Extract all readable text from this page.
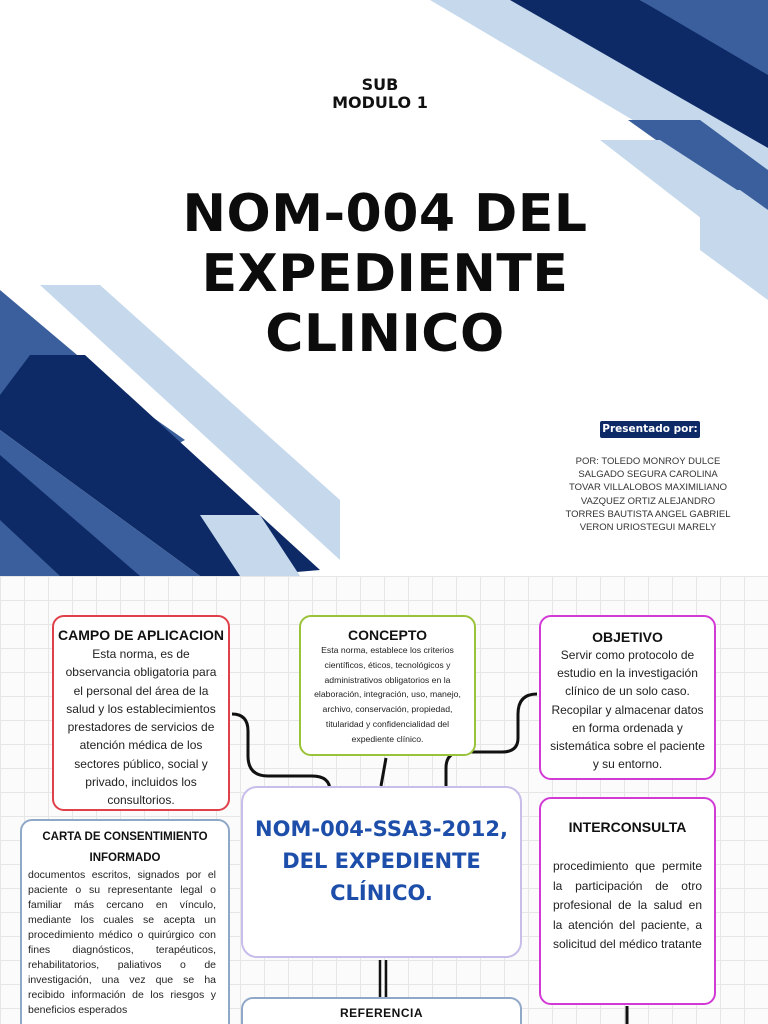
SUB
MODULO 1
NOM-004 DEL
EXPEDIENTE
CLINICO
Presentado por:
POR: TOLEDO MONROY DULCE
SALGADO SEGURA CAROLINA
TOVAR VILLALOBOS MAXIMILIANO
VAZQUEZ ORTIZ ALEJANDRO
TORRES BAUTISTA ANGEL GABRIEL
VERON URIOSTEGUI MARELY
CAMPO DE APLICACION
Esta norma, es de observancia obligatoria para el personal del área de la salud y los establecimientos prestadores de servicios de atención médica de los sectores público, social y privado, incluidos los consultorios.
CONCEPTO
Esta norma, establece los criterios científicos, éticos, tecnológicos y administrativos obligatorios en la elaboración, integración, uso, manejo, archivo, conservación, propiedad, titularidad y confidencialidad del expediente clínico.
OBJETIVO
Servir como protocolo de estudio en la investigación clínico de un solo caso. Recopilar y almacenar datos en forma ordenada y sistemática sobre el paciente y su entorno.
CARTA DE CONSENTIMIENTO INFORMADO
documentos escritos, signados por el paciente o su representante legal o familiar más cercano en vínculo, mediante los cuales se acepta un procedimiento médico o quirúrgico con fines diagnósticos, terapéuticos, rehabilitatorios, paliativos o de investigación, una vez que se ha recibido información de los riesgos y beneficios esperados
NOM-004-SSA3-2012, DEL EXPEDIENTE CLÍNICO.
INTERCONSULTA
procedimiento que permite la participación de otro profesional de la salud en la atención del paciente, a solicitud del médico tratante
REFERENCIA
